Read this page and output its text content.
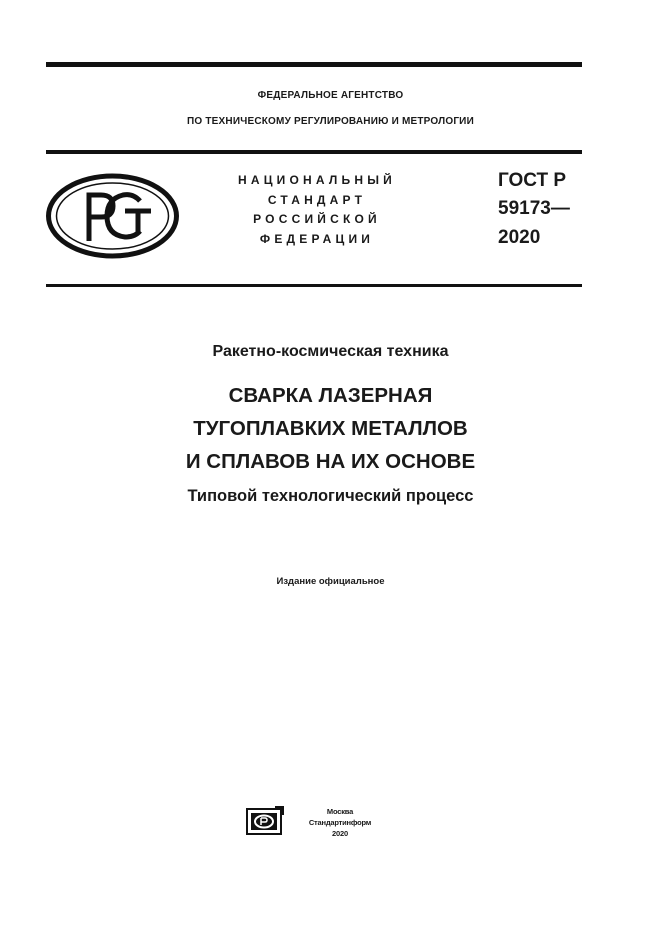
ФЕДЕРАЛЬНОЕ АГЕНТСТВО
ПО ТЕХНИЧЕСКОМУ РЕГУЛИРОВАНИЮ И МЕТРОЛОГИИ
НАЦИОНАЛЬНЫЙ
СТАНДАРТ
РОССИЙСКОЙ
ФЕДЕРАЦИИ
ГОСТ Р
59173—
2020
Ракетно-космическая техника
СВАРКА ЛАЗЕРНАЯ
ТУГОПЛАВКИХ МЕТАЛЛОВ
И СПЛАВОВ НА ИХ ОСНОВЕ
Типовой технологический процесс
Издание официальное
Москва
Стандартинформ
2020
